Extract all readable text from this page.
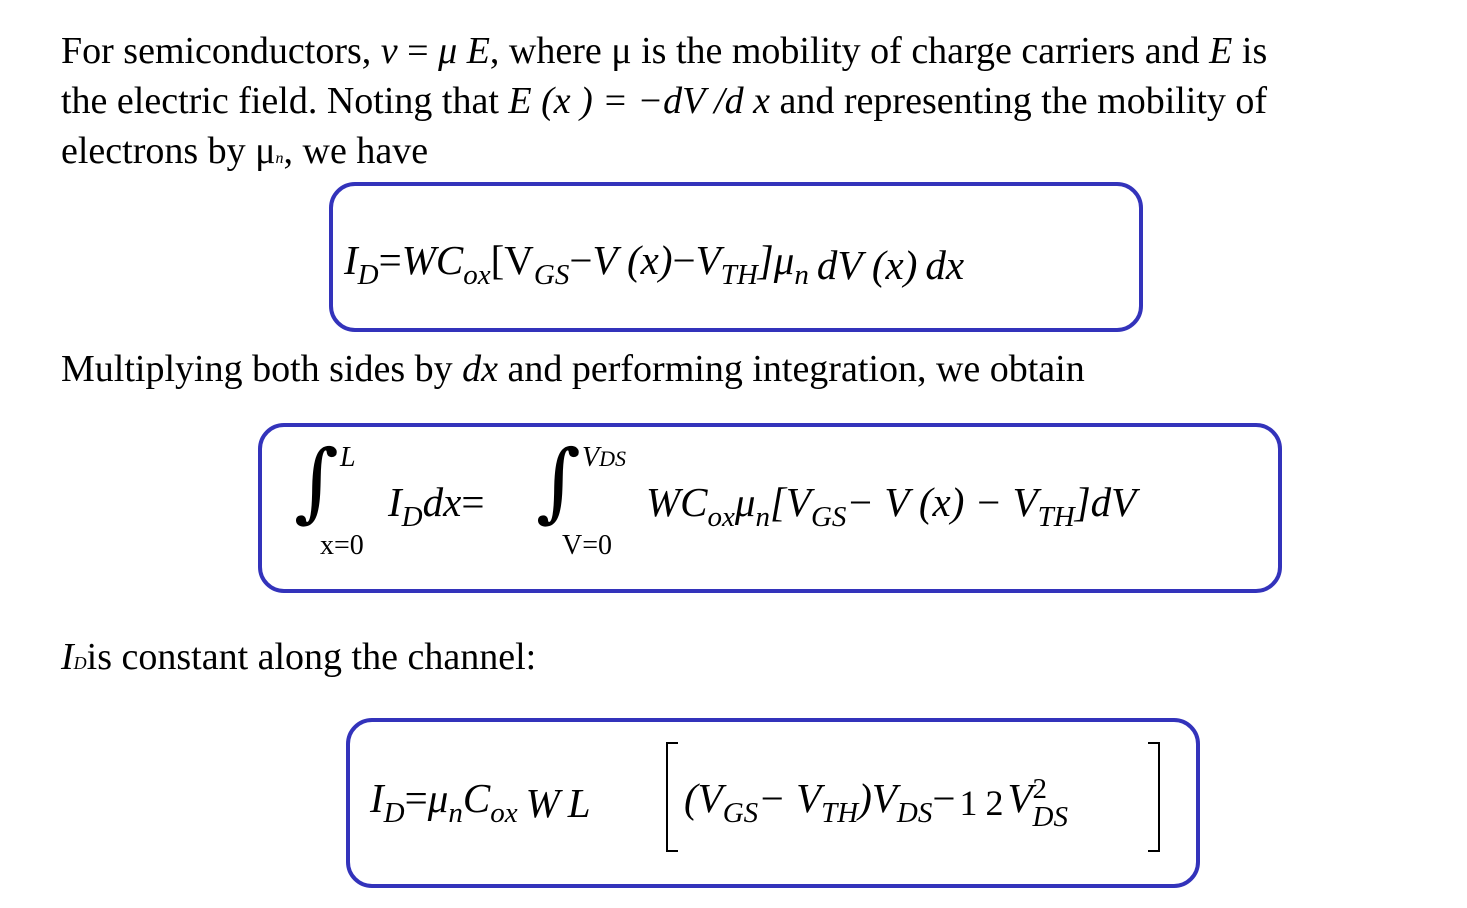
For semiconductors, v = μ E, where μ is the mobility of charge carriers and E is

the electric field. Noting that E (x ) = −dV /d x and representing the mobility of

electrons by μn, we have

ID=WCox[VGS−V (x)−VTH]μn dV (x) dx

Multiplying both sides by dx and performing integration, we obtain

∫ L
x=0
IDdx= ∫ VDS
V=0
WCoxμn[VGS− V (x) − VTH]dV

IDis constant along the channel:

ID=μnCox W L (VGS− VTH)VDS−1 2V 2
DS
